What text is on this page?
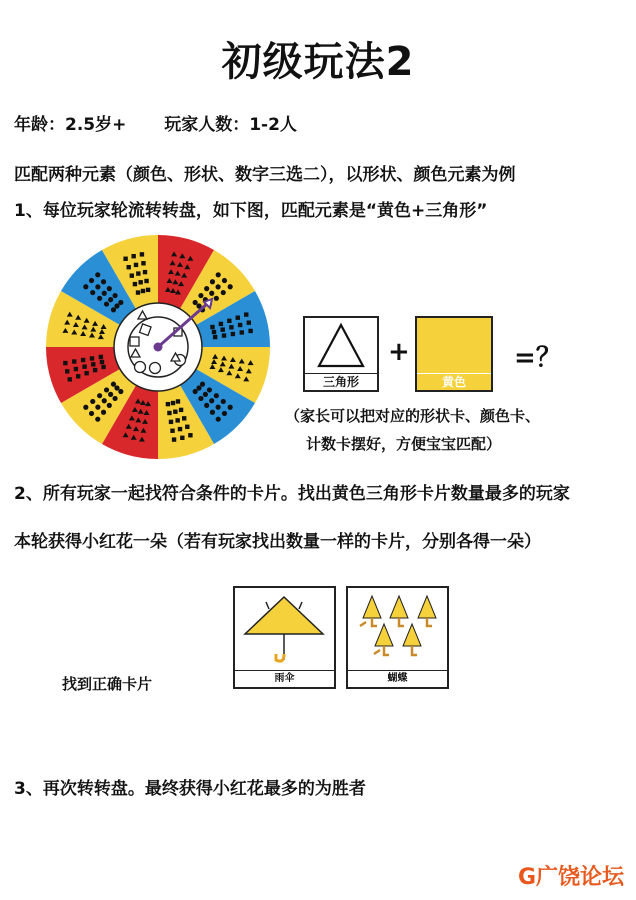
初级玩法2
年龄：2.5岁+ 玩家人数：1-2人
匹配两种元素（颜色、形状、数字三选二），以形状、颜色元素为例
1、每位玩家轮流转转盘，如下图，匹配元素是“黄色+三角形”
三角形
+
黄色
=？
（家长可以把对应的形状卡、颜色卡、
计数卡摆好，方便宝宝匹配）
2、所有玩家一起找符合条件的卡片。找出黄色三角形卡片数量最多的玩家
本轮获得小红花一朵（若有玩家找出数量一样的卡片，分别各得一朵）
雨伞	蝴蝶
找到正确卡片
3、再次转转盘。最终获得小红花最多的为胜者
G广饶论坛
